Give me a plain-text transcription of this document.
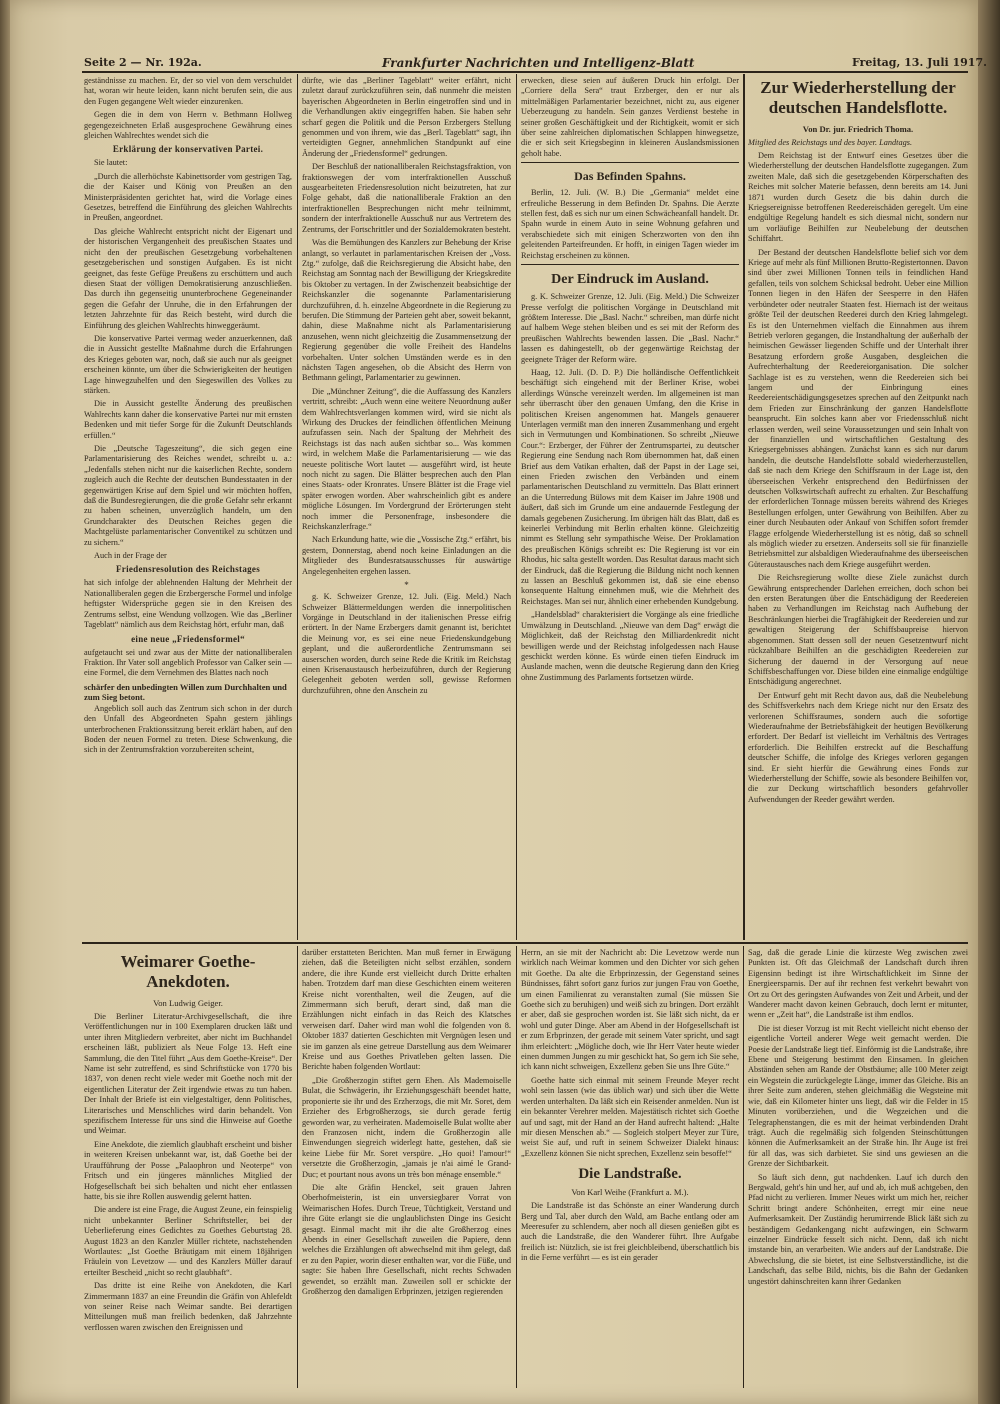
Seite 2 — Nr. 192a.	Frankfurter Nachrichten und Intelligenz-Blatt	Freitag, 13. Juli 1917.

geständnisse zu machen. Er, der so viel von dem verschuldet hat, woran wir heute leiden, kann nicht berufen sein, die aus den Fugen gegangene Welt wieder einzurenken.

Gegen die in dem von Herrn v. Bethmann Hollweg gegengezeichneten Erlaß ausgesprochene Gewährung eines gleichen Wahlrechtes wendet sich die

Erklärung der konservativen Partei.

Sie lautet:

„Durch die allerhöchste Kabinettsorder vom gestrigen Tag, die der Kaiser und König von Preußen an den Ministerpräsidenten gerichtet hat, wird die Vorlage eines Gesetzes, betreffend die Einführung des gleichen Wahlrechts in Preußen, angeordnet.

Das gleiche Wahlrecht entspricht nicht der Eigenart und der historischen Vergangenheit des preußischen Staates und nicht den der preußischen Gesetzgebung vorbehaltenen gesetzgeberischen und sonstigen Aufgaben. Es ist nicht geeignet, das feste Gefüge Preußens zu erschüttern und auch diesen Staat der völligen Demokratisierung anzuschließen. Das durch ihn gegenseitig ununterbrochene Gegeneinander gegen die Gefahr der Unruhe, die in den Erfahrungen der letzten Jahrzehnte für das Reich besteht, wird durch die Einführung des gleichen Wahlrechts hinweggeräumt.

Die konservative Partei vermag weder anzuerkennen, daß die in Aussicht gestellte Maßnahme durch die Erfahrungen des Krieges geboten war, noch, daß sie auch nur als geeignet erscheinen könnte, um über die Schwierigkeiten der heutigen Lage hinwegzuhelfen und den Siegeswillen des Volkes zu stärken.

Die in Aussicht gestellte Änderung des preußischen Wahlrechts kann daher die konservative Partei nur mit ernsten Bedenken und mit tiefer Sorge für die Zukunft Deutschlands erfüllen.“

Die „Deutsche Tageszeitung“, die sich gegen eine Parlamentarisierung des Reiches wendet, schreibt u. a.: „Jedenfalls stehen nicht nur die kaiserlichen Rechte, sondern zugleich auch die Rechte der deutschen Bundesstaaten in der gegenwärtigen Krise auf dem Spiel und wir möchten hoffen, daß die Bundesregierungen, die die große Gefahr sehr erkannt zu haben scheinen, unverzüglich handeln, um den Grundcharakter des Deutschen Reiches gegen die Machtgelüste parlamentarischer Conventikel zu schützen und zu sichern.“

Auch in der Frage der

Friedensresolution des Reichstages

hat sich infolge der ablehnenden Haltung der Mehrheit der Nationalliberalen gegen die Erzbergersche Formel und infolge heftigster Widersprüche gegen sie in den Kreisen des Zentrums selbst, eine Wendung vollzogen. Wie das „Berliner Tageblatt“ nämlich aus dem Reichstag hört, erfuhr man, daß

eine neue „Friedensformel“

aufgetaucht sei und zwar aus der Mitte der nationalliberalen Fraktion. Ihr Vater soll angeblich Professor van Calker sein — eine Formel, die dem Vernehmen des Blattes nach noch

schärfer den unbedingten Willen zum Durchhalten und zum Sieg betont.

Angeblich soll auch das Zentrum sich schon in der durch den Unfall des Abgeordneten Spahn gestern jählings unterbrochenen Fraktionssitzung bereit erklärt haben, auf den Boden der neuen Formel zu treten. Diese Schwenkung, die sich in der Zentrumsfraktion vorzubereiten scheint,

dürfte, wie das „Berliner Tageblatt“ weiter erfährt, nicht zuletzt darauf zurückzuführen sein, daß nunmehr die meisten bayerischen Abgeordneten in Berlin eingetroffen sind und in die Verhandlungen aktiv eingegriffen haben. Sie haben sehr scharf gegen die Politik und die Person Erzbergers Stellung genommen und von ihrem, wie das „Berl. Tageblatt“ sagt, ihn verteidigten Gegner, annehmlichen Standpunkt auf eine Änderung der „Friedensformel“ gedrungen.

Der Beschluß der nationalliberalen Reichstagsfraktion, von fraktionswegen der vom interfraktionellen Ausschuß ausgearbeiteten Friedensresolution nicht beizutreten, hat zur Folge gehabt, daß die nationalliberale Fraktion an den interfraktionellen Besprechungen nicht mehr teilnimmt, sondern der interfraktionelle Ausschuß nur aus Vertretern des Zentrums, der Fortschrittler und der Sozialdemokraten besteht.

Was die Bemühungen des Kanzlers zur Behebung der Krise anlangt, so verlautet in parlamentarischen Kreisen der „Voss. Ztg.“ zufolge, daß die Reichsregierung die Absicht habe, den Reichstag am Sonntag nach der Bewilligung der Kriegskredite bis Oktober zu vertagen. In der Zwischenzeit beabsichtige der Reichskanzler die sogenannte Parlamentarisierung durchzuführen, d. h. einzelne Abgeordnete in die Regierung zu berufen. Die Stimmung der Parteien geht aber, soweit bekannt, dahin, diese Maßnahme nicht als Parlamentarisierung anzusehen, wenn nicht gleichzeitig die Zusammensetzung der Regierung gegenüber die volle Freiheit des Handelns vorbehalten. Unter solchen Umständen werde es in den nächsten Tagen angesehen, ob die Absicht des Herrn von Bethmann gelingt, Parlamentarier zu gewinnen.

Die „Münchner Zeitung“, die die Auffassung des Kanzlers vertritt, schreibt: „Auch wenn eine weitere Neuordnung außer dem Wahlrechtsverlangen kommen wird, wird sie nicht als Wirkung des Druckes der feindlichen öffentlichen Meinung aufzufassen sein. Nach der Spaltung der Mehrheit des Reichstags ist das nach außen sichtbar so... Was kommen wird, in welchem Maße die Parlamentarisierung — wie das neueste politische Wort lautet — ausgeführt wird, ist heute noch nicht zu sagen. Die Blätter besprechen auch den Plan eines Staats- oder Kronrates. Unsere Blätter ist die Frage viel später erwogen worden. Aber wahrscheinlich gibt es andere mögliche Lösungen. Im Vordergrund der Erörterungen steht noch immer die Personenfrage, insbesondere die Reichskanzlerfrage.“

Nach Erkundung hatte, wie die „Vossische Ztg.“ erfährt, bis gestern, Donnerstag, abend noch keine Einladungen an die Mitglieder des Bundesratsausschusses für auswärtige Angelegenheiten ergehen lassen.

*

g. K. Schweizer Grenze, 12. Juli. (Eig. Meld.) Nach Schweizer Blättermeldungen werden die innerpolitischen Vorgänge in Deutschland in der italienischen Presse eifrig erörtert. In der Name Erzbergers damit genannt ist, berichtet die Meinung vor, es sei eine neue Friedenskundgebung geplant, und die außerordentliche Zentrumsmann sei auserschen worden, durch seine Rede die Kritik im Reichstag einen Krisenaustausch herbeizuführen, durch der Regierung Gelegenheit geboten werden soll, gewisse Reformen durchzuführen, ohne den Anschein zu

erwecken, diese seien auf äußeren Druck hin erfolgt. Der „Corriere della Sera“ traut Erzberger, den er nur als mittelmäßigen Parlamentarier bezeichnet, nicht zu, aus eigener Ueberzeugung zu handeln. Sein ganzes Verdienst bestehe in seiner großen Geschäftigkeit und der Richtigkeit, womit er sich über seine zahlreichen diplomatischen Schlappen hinwegsetze, die er sich seit Kriegsbeginn in kleineren Auslandsmissionen geholt habe.

Das Befinden Spahns.

Berlin, 12. Juli. (W. B.) Die „Germania“ meldet eine erfreuliche Besserung in dem Befinden Dr. Spahns. Die Aerzte stellen fest, daß es sich nur um einen Schwächeanfall handelt. Dr. Spahn wurde in einem Auto in seine Wohnung gefahren und verabschiedete sich mit einigen Scherzworten von den ihn geleitenden Parteifreunden. Er hofft, in einigen Tagen wieder im Reichstag erscheinen zu können.

Der Eindruck im Ausland.

g. K. Schweizer Grenze, 12. Juli. (Eig. Meld.) Die Schweizer Presse verfolgt die politischen Vorgänge in Deutschland mit größtem Interesse. Die „Basl. Nachr.“ schreiben, man dürfe nicht auf halbem Wege stehen bleiben und es sei mit der Reform des preußischen Wahlrechts bewenden lassen. Die „Basl. Nachr.“ lassen es dahingestellt, ob der gegenwärtige Reichstag der geeignete Träger der Reform wäre.

Haag, 12. Juli. (D. D. P.) Die holländische Oeffentlichkeit beschäftigt sich eingehend mit der Berliner Krise, wobei allerdings Wünsche vereinzelt werden. Im allgemeinen ist man sehr überrascht über den genauen Umfang, den die Krise in politischen Kreisen angenommen hat. Mangels genauerer Unterlagen vermißt man den inneren Zusammenhang und ergeht sich in Vermutungen und Kombinationen. So schreibt „Nieuwe Cour.“: Erzberger, der Führer der Zentrumspartei, zu deutscher Regierung eine Sendung nach Rom übernommen hat, daß einen Brief aus dem Vatikan erhalten, daß der Papst in der Lage sei, einen Frieden zwischen den Verbänden und einem parlamentarischen Deutschland zu vermitteln. Das Blatt erinnert an die Unterredung Bülows mit dem Kaiser im Jahre 1908 und äußert, daß sich im Grunde um eine andauernde Festlegung der damals gegebenen Zusicherung. Im übrigen hält das Blatt, daß es keinerlei Verbindung mit Berlin erhalten könne. Gleichzeitig nimmt es Stellung sehr sympathische Weise. Der Proklamation des preußischen Königs schreibt es: Die Regierung ist vor ein Rhodus, hic salta gestellt worden. Das Resultat daraus macht sich der Eindruck, daß die Regierung die Bildung nicht noch kennen zu lassen an Beschluß gekommen ist, daß sie eine ebenso konsequente Haltung einnehmen muß, wie die Mehrheit des Reichstages. Man sei nur, ähnlich einer erhebenden Kundgebung.

„Handelsblad“ charakterisiert die Vorgänge als eine friedliche Umwälzung in Deutschland. „Nieuwe van dem Dag“ erwägt die Möglichkeit, daß der Reichstag den Milliardenkredit nicht bewilligen werde und der Reichstag infolgedessen nach Hause geschickt werden könne. Es würde einen tiefen Eindruck im Auslande machen, wenn die deutsche Regierung dann den Krieg ohne Zustimmung des Parlaments fortsetzen würde.

Zur Wiederherstellung der deutschen Handelsflotte.
Von Dr. jur. Friedrich Thoma.
Mitglied des Reichstags und des bayer. Landtags.

Dem Reichstag ist der Entwurf eines Gesetzes über die Wiederherstellung der deutschen Handelsflotte zugegangen. Zum zweiten Male, daß sich die gesetzgebenden Körperschaften des Reiches mit solcher Materie befassen, denn bereits am 14. Juni 1871 wurden durch Gesetz die bis dahin durch die Kriegsereignisse betroffenen Reedereischäden geregelt. Um eine endgültige Regelung handelt es sich diesmal nicht, sondern nur um vorläufige Beihilfen zur Neubelebung der deutschen Schiffahrt.

Der Bestand der deutschen Handelsflotte belief sich vor dem Kriege auf mehr als fünf Millionen Brutto-Registertonnen. Davon sind über zwei Millionen Tonnen teils in feindlichen Hand gefallen, teils von solchem Schicksal bedroht. Ueber eine Million Tonnen liegen in den Häfen der Seesperre in den Häfen verbündeter oder neutraler Staaten fest. Hiernach ist der weitaus größte Teil der deutschen Reederei durch den Krieg lahmgelegt. Es ist den Unternehmen vielfach die Einnahmen aus ihrem Betrieb verloren gegangen, die Instandhaltung der außerhalb der heimischen Gewässer liegenden Schiffe und der Unterhalt ihrer Besatzung erfordern große Ausgaben, desgleichen die Aufrechterhaltung der Reedereiorganisation. Die solcher Sachlage ist es zu verstehen, wenn die Reedereien sich bei langem und der Einbringung eines Reedereientschädigungsgesetzes sprechen auf den Zeitpunkt nach dem Frieden zur Einschränkung der ganzen Handelsflotte beansprucht. Ein solches kann aber vor Friedensschluß nicht erlassen werden, weil seine Voraussetzungen und sein Inhalt von der finanziellen und wirtschaftlichen Gestaltung des Kriegsergebnisses abhängen. Zunächst kann es sich nur darum handeln, die deutsche Handelsflotte sobald wiederherzustellen, daß sie nach dem Kriege den Schiffsraum in der Lage ist, den überseeischen Verkehr entsprechend den Bedürfnissen der deutschen Volkswirtschaft aufrecht zu erhalten. Zur Beschaffung der erforderlichen Tonnage müssen bereits während des Krieges Bestellungen erfolgen, unter Gewährung von Beihilfen. Aber zu einer durch Neubauten oder Ankauf von Schiffen sofort fremder Flagge erfolgende Wiederherstellung ist es nötig, daß so schnell als möglich wieder zu ersetzen. Anderseits soll sie für finanzielle Betriebsmittel zur alsbaldigen Wiederaufnahme des überseeischen Güteraustausches nach dem Kriege ausgeführt werden.

Die Reichsregierung wollte diese Ziele zunächst durch Gewährung entsprechender Darlehen erreichen, doch schon bei den ersten Beratungen über die Entschädigung der Reedereien haben zu Verhandlungen im Reichstag nach Aufhebung der Beschränkungen hierbei die Tragfähigkeit der Reedereien und zur gewaltigen Steigerung der Schiffsbaupreise hiervon abgenommen. Statt dessen soll der neuen Gesetzentwurf nicht rückzahlbare Beihilfen an die geschädigten Reedereien zur Sicherung der dauernd in der Versorgung auf neue Schiffsbeschaffungen vor. Diese bilden eine einmalige endgültige Entschädigung angerechnet.

Der Entwurf geht mit Recht davon aus, daß die Neubelebung des Schiffsverkehrs nach dem Kriege nicht nur den Ersatz des verlorenen Schiffsraumes, sondern auch die sofortige Wiederaufnahme der Betriebsfähigkeit der heutigen Bevölkerung erfordert. Der Bedarf ist vielleicht im Verhältnis des Vertrages erforderlich. Die Beihilfen erstreckt auf die Beschaffung deutscher Schiffe, die infolge des Krieges verloren gegangen sind. Er sieht hierfür die Gewährung eines Fonds zur Wiederherstellung der Schiffe, sowie als besondere Beihilfen vor, die zur Deckung wirtschaftlich besonders gefahrvoller Aufwendungen der Reeder gewährt werden.

Weimarer Goethe-Anekdoten.
Von Ludwig Geiger.

Die Berliner Literatur-Archivgesellschaft, die ihre Veröffentlichungen nur in 100 Exemplaren drucken läßt und unter ihren Mitgliedern verbreitet, aber nicht im Buchhandel erscheinen läßt, publiziert als Neue Folge 13. Heft eine Sammlung, die den Titel führt „Aus dem Goethe-Kreise“. Der Name ist sehr zutreffend, es sind Schriftstücke von 1770 bis 1837, von denen recht viele weder mit Goethe noch mit der eigentlichen Literatur der Zeit irgendwie etwas zu tun haben. Der Inhalt der Briefe ist ein vielgestaltiger, denn Politisches, Literarisches und Menschliches wird darin behandelt. Von spezifischem Interesse für uns sind die Hinweise auf Goethe und Weimar.

Eine Anekdote, die ziemlich glaubhaft erscheint und bisher in weiteren Kreisen unbekannt war, ist, daß Goethe bei der Uraufführung der Posse „Palaophron und Neoterpe“ von Fritsch und ein jüngeres männliches Mitglied der Hofgesellschaft bei sich behalten und nicht eher entlassen hatte, bis sie ihre Rollen auswendig gelernt hatten.

Die andere ist eine Frage, die August Zeune, ein feinspielig nicht unbekannter Berliner Schriftsteller, bei der Ueberlieferung eines Gedichtes zu Goethes Geburtstag 28. August 1823 an den Kanzler Müller richtete, nachstehenden Wortlautes: „Ist Goethe Bräutigam mit einem 18jährigen Fräulein von Levetzow — und des Kanzlers Müller darauf erteilter Bescheid „nicht so recht glaubhaft“.

Das dritte ist eine Reihe von Anekdoten, die Karl Zimmermann 1837 an eine Freundin die Gräfin von Ahlefeldt von seiner Reise nach Weimar sandte. Bei derartigen Mitteilungen muß man freilich bedenken, daß Jahrzehnte verflossen waren zwischen den Ereignissen und

darüber erstatteten Berichten. Man muß ferner in Erwägung ziehen, daß die Beteiligten nicht selbst erzählen, sondern andere, die ihre Kunde erst vielleicht durch Dritte erhalten haben. Trotzdem darf man diese Geschichten einem weiteren Kreise nicht vorenthalten, weil die Zeugen, auf die Zimmermann sich beruft, derart sind, daß man die Erzählungen nicht einfach in das Reich des Klatsches verweisen darf. Daher wird man wohl die folgenden von 8. Oktober 1837 datierten Geschichten mit Vergnügen lesen und sie im ganzen als eine getreue Darstellung aus dem Weimarer Kreise und aus Goethes Privatleben gelten lassen. Die Berichte haben folgenden Wortlaut:

„Die Großherzogin stiftet gern Ehen. Als Mademoiselle Bulat, die Schwägerin, ihr Erziehungsgeschäft beendet hatte, proponierte sie ihr und des Erzherzogs, die mit Mr. Soret, dem Erzieher des Erbgroßherzogs, sie durch gerade fertig geworden war, zu verheiraten. Mademoiselle Bulat wollte aber den Franzosen nicht, indem die Großherzogin alle Einwendungen siegreich widerlegt hatte, gestehen, daß sie keine Liebe für Mr. Soret verspüre. „Ho quoi! l'amour!“ versetzte die Großherzogin, „jamais je n'ai aimé le Grand-Duc; et pourtant nous avons un très bon ménage ensemble.“

Die alte Gräfin Henckel, seit grauen Jahren Oberhofmeisterin, ist ein unversiegbarer Vorrat von Weimarischen Hofes. Durch Treue, Tüchtigkeit, Verstand und ihre Güte erlangt sie die unglaublichsten Dinge ins Gesicht gesagt. Einmal macht mit ihr die alte Großherzog eines Abends in einer Gesellschaft zuweilen die Papiere, denn welches die Erzählungen oft abwechselnd mit ihm gelegt, daß er zu den Papier, worin dieser enthalten war, vor die Füße, und sagte: Sie haben Ihre Gesellschaft, nicht rechts Schwaden gewendet, so erzählt man. Zuweilen soll er schickte der Großherzog den damaligen Erbprinzen, jetzigen regierenden

Herrn, an sie mit der Nachricht ab: Die Levetzow werde nun wirklich nach Weimar kommen und den Dichter vor sich gehen mit Goethe. Da alte die Erbprinzessin, der Gegenstand seines Bündnisses, fährt sofort ganz furios zur jungen Frau von Goethe, um einen Familienrat zu veranstalten zumal (Sie müssen Sie Goethe sich zu beruhigen) und weiß sich zu bringen. Dort erzählt er aber, daß sie gesprochen worden ist. Sie läßt sich nicht, da er wohl und guter Dinge. Aber am Abend in der Hofgesellschaft ist er zum Erbprinzen, der gerade mit seinem Vater spricht, und sagt ihm erleichtert: „Mögliche doch, wie Ihr Herr Vater heute wieder einen dummen Jungen zu mir geschickt hat, So gern ich Sie sehe, ich kann nicht schweigen, Exzellenz geben Sie uns Ihre Güte.“

Goethe hatte sich einmal mit seinem Freunde Meyer recht wohl sein lassen (wie das üblich war) und sich über die Wette werden unterhalten. Da läßt sich ein Reisender anmelden. Nun ist ein bekannter Verehrer melden. Majestätisch richtet sich Goethe auf und sagt, mit der Hand an der Hand aufrecht haltend: „Halte mir diesen Menschen ab.“ — Sogleich stolpert Meyer zur Türe, weist Sie auf, und ruft in seinem Schweizer Dialekt hinaus: „Exzellenz können Sie nicht sprechen, Exzellenz sein besoffe!“

Die Landstraße.
Von Karl Weihe (Frankfurt a. M.).

Die Landstraße ist das Schönste an einer Wanderung durch Berg und Tal, aber durch den Wald, am Bache entlang oder am Meeresufer zu schlendern, aber noch all diesen genießen gibt es auch die Landstraße, die den Wanderer führt. Ihre Aufgabe freilich ist: Nützlich, sie ist frei gleichbleibend, überschattlich bis in die Ferne verführt — es ist ein gerader

Sag, daß die gerade Linie die kürzeste Weg zwischen zwei Punkten ist. Oft das Gleichmaß der Landschaft durch ihren Eigensinn bedingt ist ihre Wirtschaftlichkeit im Sinne der Energieersparnis. Der auf ihr rechnen fest verkehrt bewahrt von Ort zu Ort des geringsten Aufwandes von Zeit und Arbeit, und der Wanderer macht davon keinen Gebrauch, doch lernt er mitunter, wenn er „Zeit hat“, die Landstraße ist ihm endlos.

Die ist dieser Vorzug ist mit Recht vielleicht nicht ebenso der eigentliche Vorteil anderer Wege weit gemacht werden. Die Poesie der Landstraße liegt tief. Einförmig ist die Landstraße, ihre Ebene und Steigerung bestimmt den Einsamen. In gleichen Abständen sehen am Rande der Obstbäume; alle 100 Meter zeigt ein Wegstein die zurückgelegte Länge, immer das Gleiche. Bis an ihrer Seite zum anderen, stehen gleichmäßig die Wegsteine mit wie, daß ein Kilometer hinter uns liegt, daß wir die Felder in 15 Minuten vorüberziehen, und die Wegzeichen und die Telegraphenstangen, die es mit der heimat verbindenden Draht trägt. Auch die regelmäßig sich folgenden Steinschüttungen können die Aufmerksamkeit an der Straße hin. Ihr Auge ist frei für all das, was sich darbietet. Sie sind uns gewiesen an die Grenze der Sichtbarkeit.

So läuft sich denn, gut nachdenken. Lauf ich durch den Bergwald, geht's hin und her, auf und ab, ich muß achtgeben, den Pfad nicht zu verlieren. Immer Neues wirkt um mich her, reicher Schritt bringt andere Schönheiten, erregt mir eine neue Aufmerksamkeit. Der Zuständig herumirrende Blick läßt sich zu beständigem Gedankengang nicht aufzwingen, ein Schwarm einzelner Eindrücke fesselt sich nicht. Denn, daß ich nicht imstande bin, an verarbeiten. Wie anders auf der Landstraße. Die Abwechslung, die sie bietet, ist eine Selbstverständliche, ist die Landschaft, das selbe Bild, nichts, bis die Bahn der Gedanken ungestört dahinschreiten kann ihrer Gedanken
